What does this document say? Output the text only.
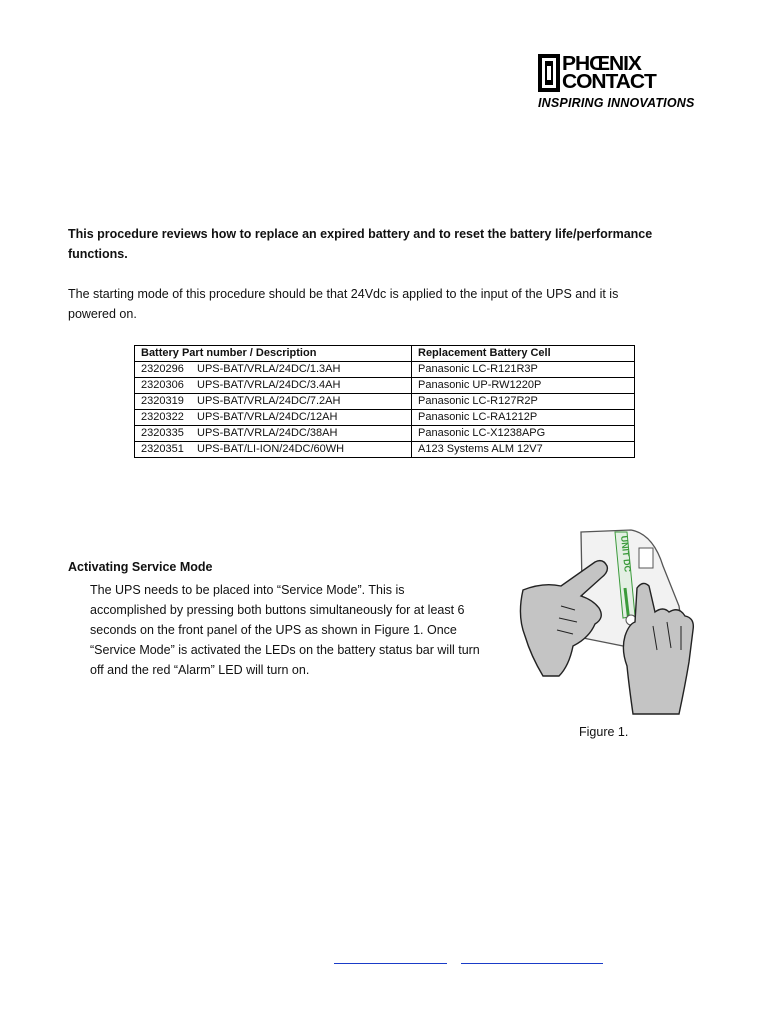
PHŒNIX
CONTACT
INSPIRING INNOVATIONS

This procedure reviews how to replace an expired battery and to reset the battery life/performance functions.

The starting mode of this procedure should be that 24Vdc is applied to the input of the UPS and it is powered on.

Battery Part number / Description	Replacement Battery Cell
2320296 UPS-BAT/VRLA/24DC/1.3AH	Panasonic LC-R121R3P
2320306 UPS-BAT/VRLA/24DC/3.4AH	Panasonic UP-RW1220P
2320319 UPS-BAT/VRLA/24DC/7.2AH	Panasonic LC-R127R2P
2320322 UPS-BAT/VRLA/24DC/12AH	Panasonic LC-RA1212P
2320335 UPS-BAT/VRLA/24DC/38AH	Panasonic LC-X1238APG
2320351 UPS-BAT/LI-ION/24DC/60WH	A123 Systems ALM 12V7
Activating Service Mode

The UPS needs to be placed into “Service Mode”. This is accomplished by pressing both buttons simultaneously for at least 6 seconds on the front panel of the UPS as shown in Figure 1. Once “Service Mode” is activated the LEDs on the battery status bar will turn off and the red “Alarm” LED will turn on.

UNIT DC
Figure 1.
